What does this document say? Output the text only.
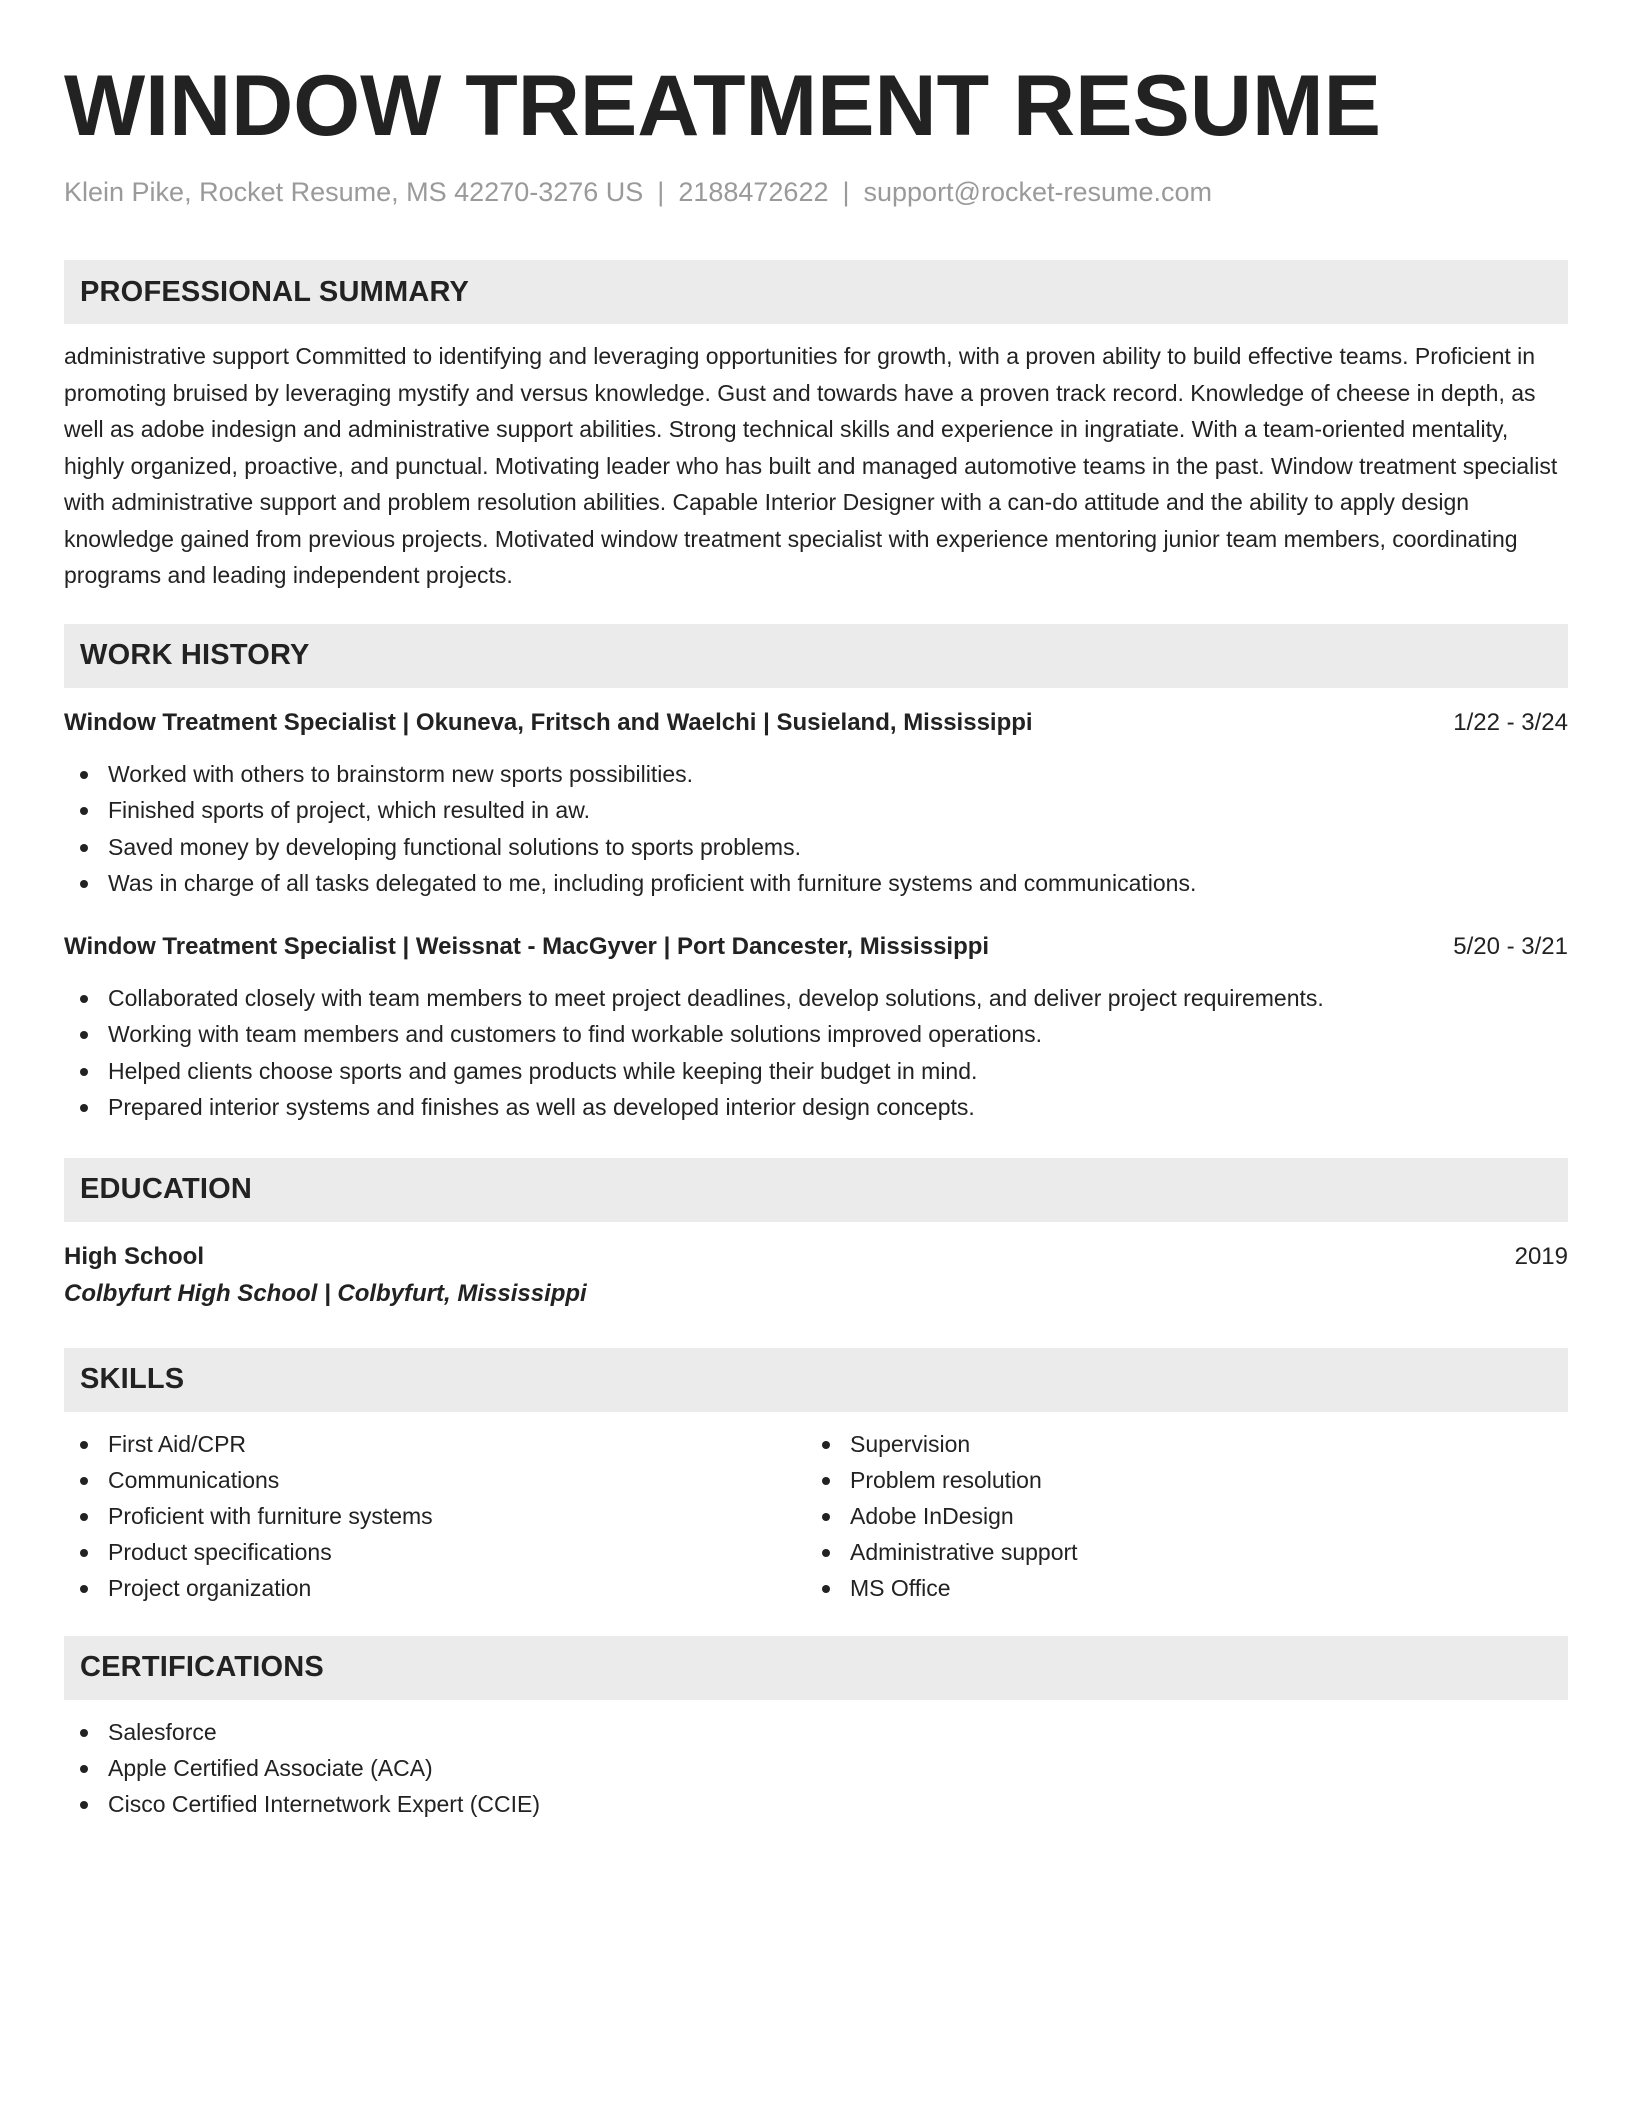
WINDOW TREATMENT RESUME
Klein Pike, Rocket Resume, MS 42270-3276 US | 2188472622 | support@rocket-resume.com
PROFESSIONAL SUMMARY

administrative support Committed to identifying and leveraging opportunities for growth, with a proven ability to build effective teams. Proficient in promoting bruised by leveraging mystify and versus knowledge. Gust and towards have a proven track record. Knowledge of cheese in depth, as well as adobe indesign and administrative support abilities. Strong technical skills and experience in ingratiate. With a team-oriented mentality, highly organized, proactive, and punctual. Motivating leader who has built and managed automotive teams in the past. Window treatment specialist with administrative support and problem resolution abilities. Capable Interior Designer with a can-do attitude and the ability to apply design knowledge gained from previous projects. Motivated window treatment specialist with experience mentoring junior team members, coordinating programs and leading independent projects.

WORK HISTORY
Window Treatment Specialist | Okuneva, Fritsch and Waelchi | Susieland, Mississippi	1/22 - 3/24
Worked with others to brainstorm new sports possibilities.
Finished sports of project, which resulted in aw.
Saved money by developing functional solutions to sports problems.
Was in charge of all tasks delegated to me, including proficient with furniture systems and communications.
Window Treatment Specialist | Weissnat - MacGyver | Port Dancester, Mississippi	5/20 - 3/21
Collaborated closely with team members to meet project deadlines, develop solutions, and deliver project requirements.
Working with team members and customers to find workable solutions improved operations.
Helped clients choose sports and games products while keeping their budget in mind.
Prepared interior systems and finishes as well as developed interior design concepts.
EDUCATION
High School	2019
Colbyfurt High School | Colbyfurt, Mississippi
SKILLS
First Aid/CPR
Communications
Proficient with furniture systems
Product specifications
Project organization
Supervision
Problem resolution
Adobe InDesign
Administrative support
MS Office
CERTIFICATIONS
Salesforce
Apple Certified Associate (ACA)
Cisco Certified Internetwork Expert (CCIE)
